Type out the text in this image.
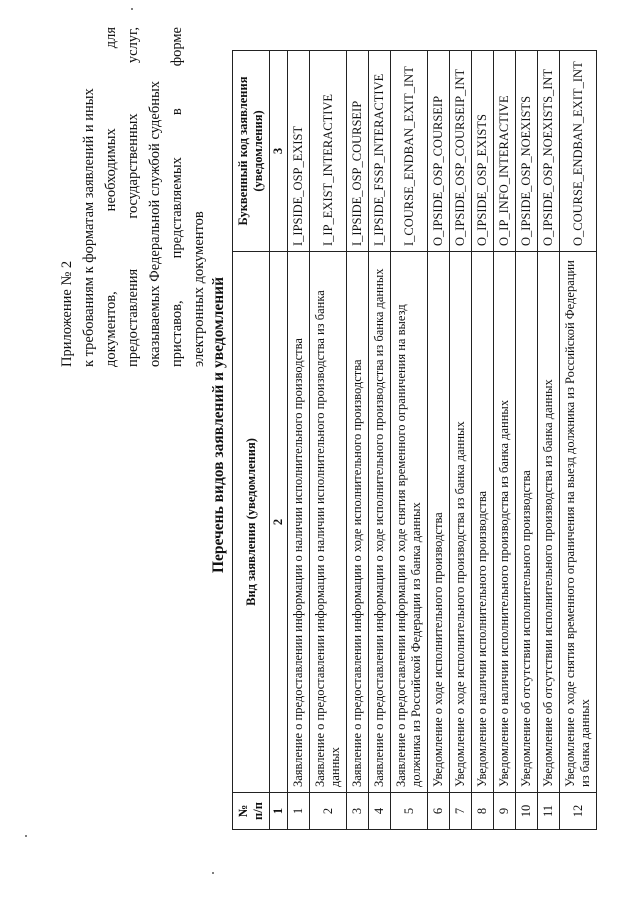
Приложение № 2 к требованиям к форматам заявлений и иных документов, необходимых для предоставления государственных услуг, оказываемых Федеральной службой судебных приставов, представляемых в форме электронных документов Перечень видов заявлений и уведомлений
№ п/п	Вид заявления (уведомления)	Буквенный код заявления (уведомления)
1	2	3
1	Заявление о предоставлении информации о наличии исполнительного производства	I_IPSIDE_OSP_EXIST
2	Заявление о предоставлении информации о наличии исполнительного производства из банка данных	I_IP_EXIST_INTERACTIVE
3	Заявление о предоставлении информации о ходе исполнительного производства	I_IPSIDE_OSP_COURSEIP
4	Заявление о предоставлении информации о ходе исполнительного производства из банка данных	I_IPSIDE_FSSP_INTERACTIVE
5	Заявление о предоставлении информации о ходе снятия временного ограничения на выезд должника из Российской Федерации из банка данных	I_COURSE_ENDBAN_EXIT_INT
6	Уведомление о ходе исполнительного производства	O_IPSIDE_OSP_COURSEIP
7	Уведомление о ходе исполнительного производства из банка данных	O_IPSIDE_OSP_COURSEIP_INT
8	Уведомление о наличии исполнительного производства	O_IPSIDE_OSP_EXISTS
9	Уведомление о наличии исполнительного производства из банка данных	O_IP_INFO_INTERACTIVE
10	Уведомление об отсутствии исполнительного производства	O_IPSIDE_OSP_NOEXISTS
11	Уведомление об отсутствии исполнительного производства из банка данных	O_IPSIDE_OSP_NOEXISTS_INT
12	Уведомление о ходе снятия временного ограничения на выезд должника из Российской Федерации из банка данных	O_COURSE_ENDBAN_EXIT_INT
